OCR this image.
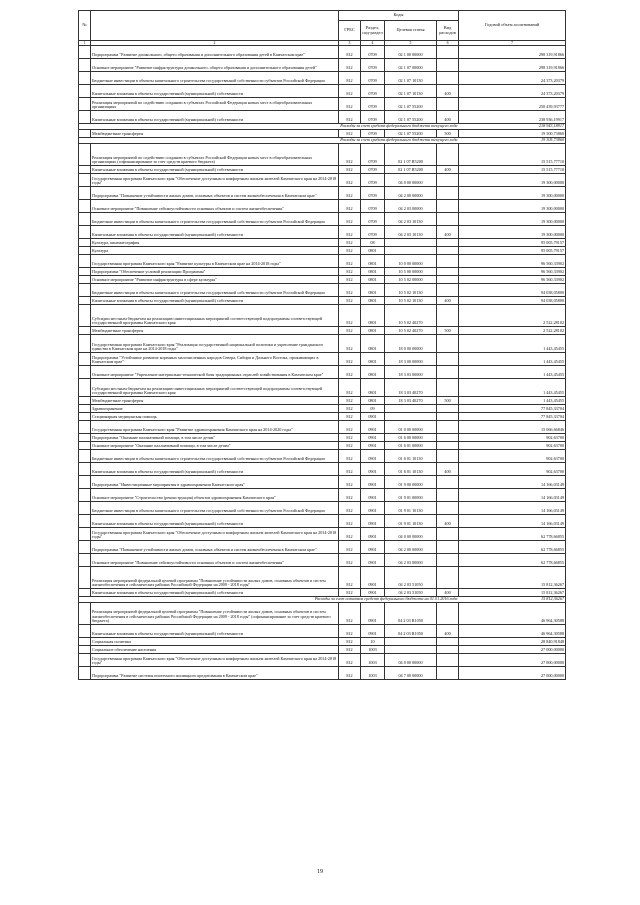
№		Коды				Годовой объем ассигнований
		ГРБС	Раздел, под-раздел	Целевая статья	Вид расходов	
1	2	3	4	5	6	7
	Подпрограмма "Развитие дошкольного, общего образования и дополнительного образования детей в Камчатском крае"	812	0709	02 1 00 00000		298 319,91866
	Основное мероприятие "Развитие инфраструктуры дошкольного, общего образования и дополнительного образования детей"	812	0709	02 1 07 00000		298 319,91866
	Бюджетные инвестиции в объекты капитального строительства государственной собственности субъектов Российской Федерации	812	0709	02 1 07 10130		24 373,20379
	Капитальные вложения в объекты государственной (муниципальной) собственности	812	0709	02 1 07 10130	400	24 373,20379
	Реализация мероприятий по содействию созданию в субъектах Российской Федерации новых мест в общеобразовательных организациях	812	0709	02 1 07 55200		250 439,93777
	Капитальные вложения в объекты государственной (муниципальной) собственности	812	0709	02 1 07 55200	400	238 936,19917
	Расходы за счет средств федерального бюджета текущего года					218 943,18917
	Межбюджетные трансферты	812	0709	02 1 07 55200	500	19 500,73860
	Расходы за счет средств федерального бюджета текущего года					19 305,73860
	Реализация мероприятий по содействию созданию в субъектах Российской Федерации новых мест в общеобразовательных организациях (софинансирование за счет средств краевого бюджета)	812	0709	02 1 07 R5200		15 515,77710
	Капитальные вложения в объекты государственной (муниципальной) собственности	812	0709	02 1 07 R5200	400	15 515,77710
	Государственная программа Камчатского края "Обеспечение доступным и комфортным жильем жителей Камчатского края на 2014-2018 годы"	812	0709	04 0 00 00000		19 300,00000
	Подпрограмма "Повышение устойчивости жилых домов, основных объектов и систем жизнеобеспечения в Камчатском крае"	812	0709	04 2 00 00000		19 300,00000
	Основное мероприятие "Повышение сейсмоустойчивости основных объектов и систем жизнеобеспечения"	812	0709	04 2 03 00000		19 300,00000
	Бюджетные инвестиции в объекты капитального строительства государственной собственности субъектов Российской Федерации	812	0709	04 2 03 10130		19 300,00000
	Капитальные вложения в объекты государственной (муниципальной) собственности	812	0709	04 2 03 10130	400	19 300,00000
	Культура, кинематография	812	08			95 005,79157
	Культура	812	0801			95 005,79157
	Государственная программа Камчатского края "Развитие культуры в Камчатском крае на 2014-2018 годы"	812	0801	10 0 00 00000		96 560,33902
	Подпрограмма "Обеспечение условий реализации Программы"	812	0801	10 5 00 00000		96 560,33902
	Основное мероприятие "Развитие инфраструктуры в сфере культуры"	812	0801	10 5 02 00000		96 560,33902
	Бюджетные инвестиции в объекты капитального строительства государственной собственности субъектов Российской Федерации	812	0801	10 5 02 10130		94 038,05800
	Капитальные вложения в объекты государственной (муниципальной) собственности	812	0801	10 5 02 10130	400	94 038,05800
	Субсидии местным бюджетам на реализацию инвестиционных мероприятий соответствующей подпрограммы соответствующей государственной программы Камчатского края	812	0801	10 5 02 40270		2 522,28102
	Межбюджетные трансферты	812	0801	10 5 02 40270	500	2 522,28102
	Государственная программа Камчатского края "Реализация государственной национальной политики и укрепление гражданского единства в Камчатском крае на 2014-2018 годы"	812	0801	18 0 00 00000		1 443,45455
	Подпрограмма "Устойчивое развитие коренных малочисленных народов Севера, Сибири и Дальнего Востока, проживающих в Камчатском крае"	812	0801	18 3 00 00000		1 443,45455
	Основное мероприятие "Укрепление материально-технической базы традиционных отраслей хозяйствования в Камчатском крае"	812	0801	18 3 03 00000		1 443,45455
	Субсидии местным бюджетам на реализацию инвестиционных мероприятий соответствующей подпрограммы соответствующей государственной программы Камчатского края	812	0801	18 3 03 40270		1 443,45455
	Межбюджетные трансферты	812	0801	18 3 03 40270	500	1 443,45455
	Здравоохранение	812	09			77 845,33704
	Стационарная медицинская помощь	812	0901			77 845,33704
	Государственная программа Камчатского края "Развитие здравоохранения Камчатского края на 2014-2020 годы"	812	0901	01 0 00 00000		15 066,66846
	Подпрограмма "Оказание паллиативной помощи, в том числе детям"	812	0901	01 6 00 00000		902,63700
	Основное мероприятие "Оказание паллиативной помощи, в том числе детям"	812	0901	01 6 01 00000		902,63700
	Бюджетные инвестиции в объекты капитального строительства государственной собственности субъектов Российской Федерации	812	0901	01 6 01 10130		902,63700
	Капитальные вложения в объекты государственной (муниципальной) собственности	812	0901	01 6 01 10130	400	902,63700
	Подпрограмма "Инвестиционные мероприятия в здравоохранении Камчатского края"	812	0901	01 9 00 00000		14 166,03149
	Основное мероприятие "Строительство (реконструкция) объектов здравоохранения Камчатского края"	812	0901	01 9 01 00000		14 166,03149
	Бюджетные инвестиции в объекты капитального строительства государственной собственности субъектов Российской Федерации	812	0901	01 9 01 10130		14 166,03149
	Капитальные вложения в объекты государственной (муниципальной) собственности	812	0901	01 9 01 10130	400	14 166,03149
	Государственная программа Камчатского края "Обеспечение доступным и комфортным жильем жителей Камчатского края на 2014-2018 годы"	812	0901	04 0 00 00000		62 778,66855
	Подпрограмма "Повышение устойчивости жилых домов, основных объектов и систем жизнеобеспечения в Камчатском крае"	812	0901	04 2 00 00000		62 778,66855
	Основное мероприятие "Повышение сейсмоустойчивости основных объектов и систем жизнеобеспечения"	812	0901	04 2 03 00000		62 778,66855
	Реализация мероприятий федеральной целевой программы "Повышение устойчивости жилых домов, основных объектов и систем жизнеобеспечения в сейсмических районах Российской Федерации на 2009 - 2018 годы"	812	0901	04 2 03 51050		15 812,36267
	Капитальные вложения в объекты государственной (муниципальной) собственности	812	0901	04 2 03 51050	400	15 812,36267
	Расходы за счет остатков средств федерального бюджета на 01.01.2016 года					15 812,36267
	Реализация мероприятий федеральной целевой программы "Повышение устойчивости жилых домов, основных объектов и систем жизнеобеспечения в сейсмических районах Российской Федерации на 2009 - 2018 годы" (софинансирование за счет средств краевого бюджета)	812	0901	04 2 03 R1050		46 964,30588
	Капитальные вложения в объекты государственной (муниципальной) собственности	812	0901	04 2 03 R1050	400	46 964,30588
	Социальная политика	812	10			28 840,91848
	Социальное обеспечение населения	812	1003			27 000,00000
	Государственная программа Камчатского края "Обеспечение доступным и комфортным жильем жителей Камчатского края на 2014-2018 годы"	812	1003	04 0 00 00000		27 000,00000
	Подпрограмма "Развитие системы ипотечного жилищного кредитования в Камчатском крае"	812	1003	04 7 00 00000		27 000,00000
19
